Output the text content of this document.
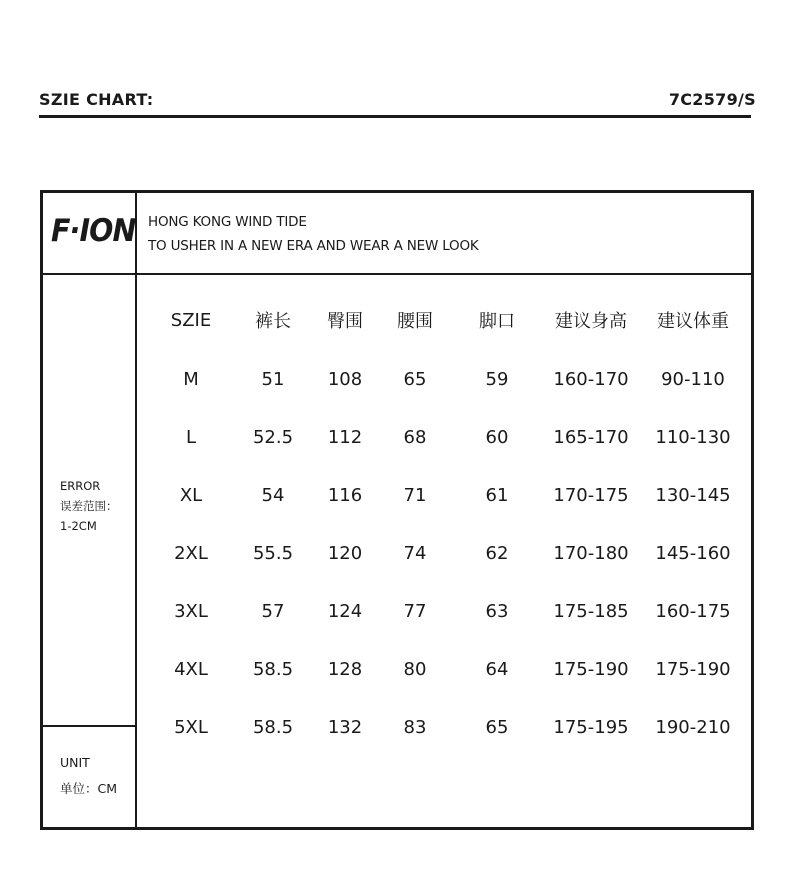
SZIE CHART:	7C2579/S
F·ION HONG KONG WIND TIDE
TO USHER IN A NEW ERA AND WEAR A NEW LOOK
ERROR
误差范围：
1-2CM
UNIT
单位：CM
SZIE	裤长	臀围	腰围	脚口	建议身高	建议体重
M	51	108	65	59	160-170	90-110
L	52.5	112	68	60	165-170	110-130
XL	54	116	71	61	170-175	130-145
2XL	55.5	120	74	62	170-180	145-160
3XL	57	124	77	63	175-185	160-175
4XL	58.5	128	80	64	175-190	175-190
5XL	58.5	132	83	65	175-195	190-210
